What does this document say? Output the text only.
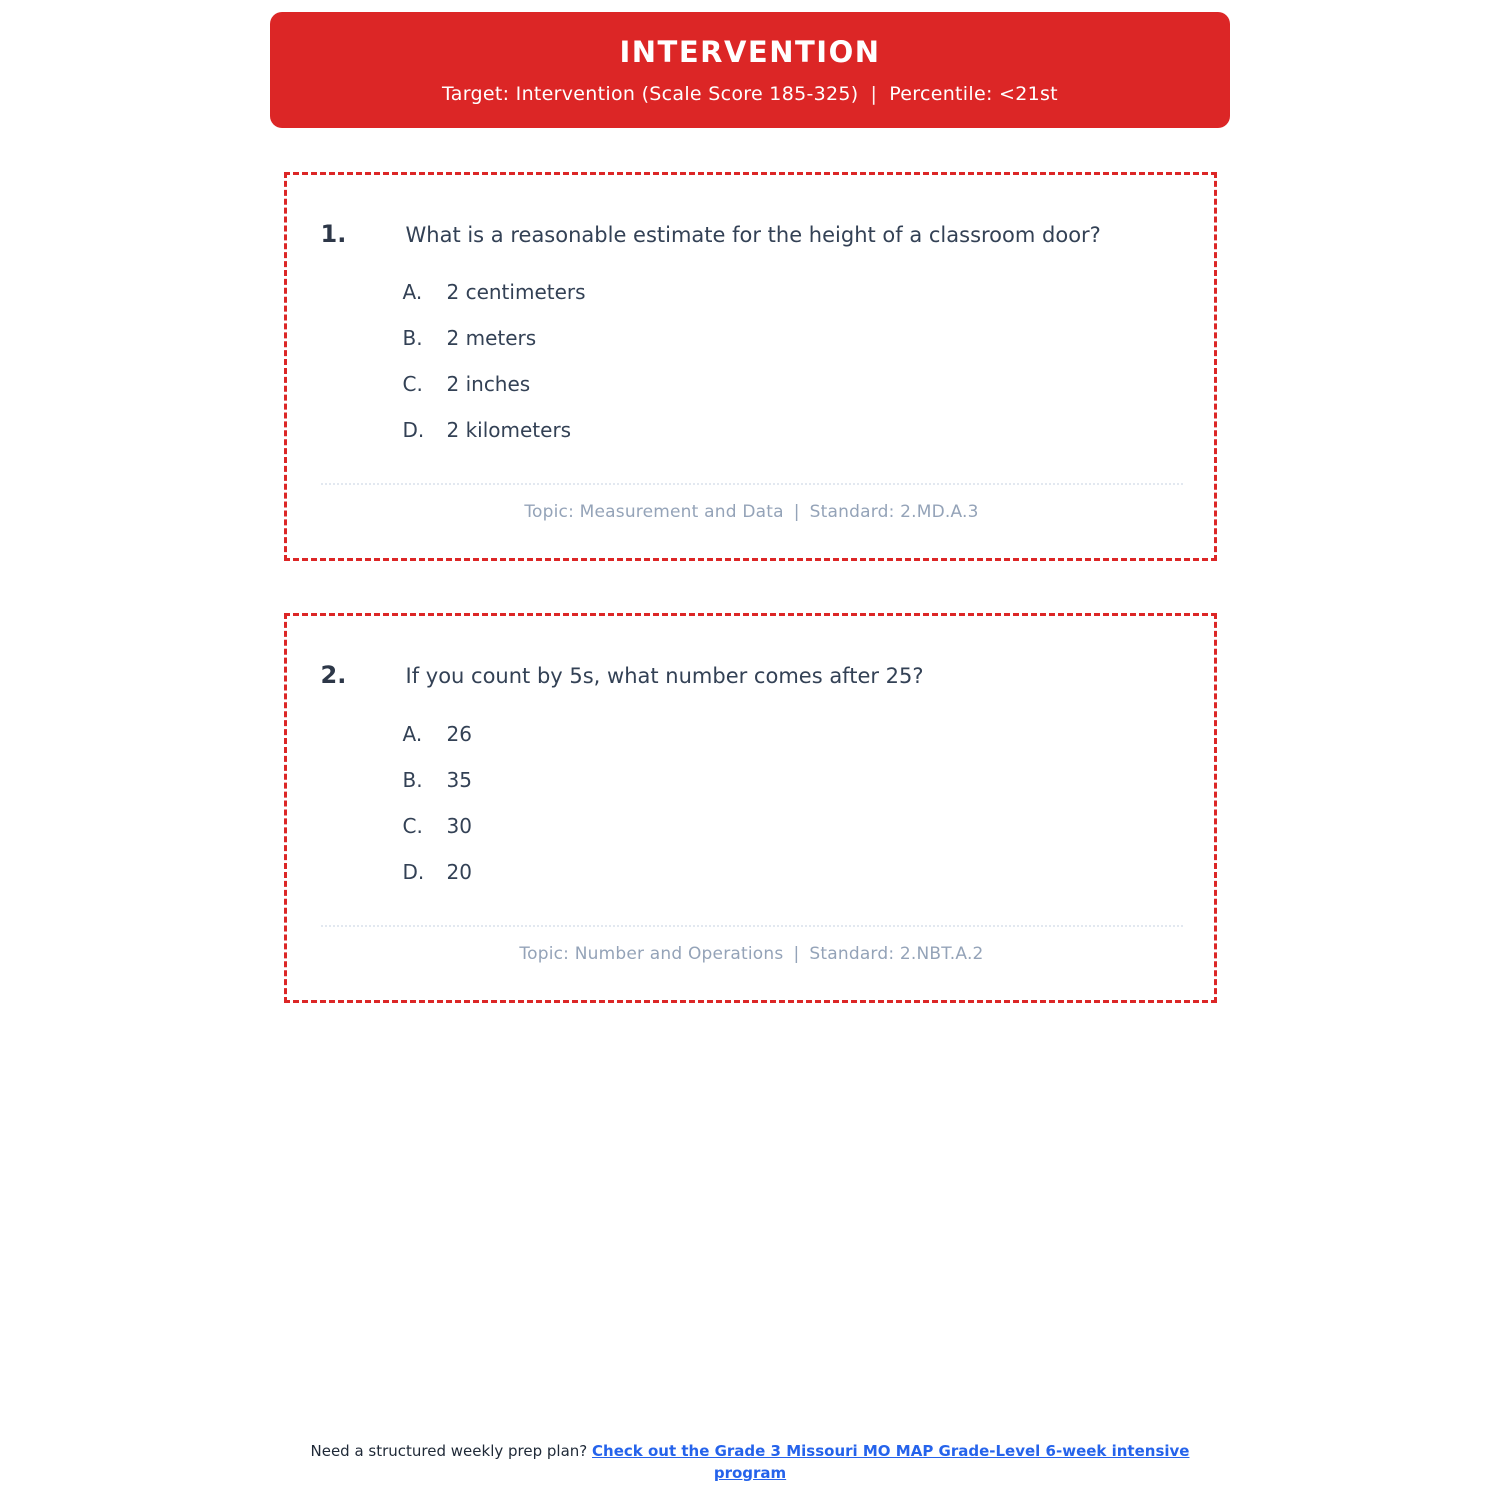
INTERVENTION
Target: Intervention (Scale Score 185-325) | Percentile: <21st
1.	What is a reasonable estimate for the height of a classroom door?
A.	2 centimeters
B.	2 meters
C.	2 inches
D.	2 kilometers
Topic: Measurement and Data | Standard: 2.MD.A.3
2.	If you count by 5s, what number comes after 25?
A.	26
B.	35
C.	30
D.	20
Topic: Number and Operations | Standard: 2.NBT.A.2
Need a structured weekly prep plan? Check out the Grade 3 Missouri MO MAP Grade-Level 6-week intensive program
